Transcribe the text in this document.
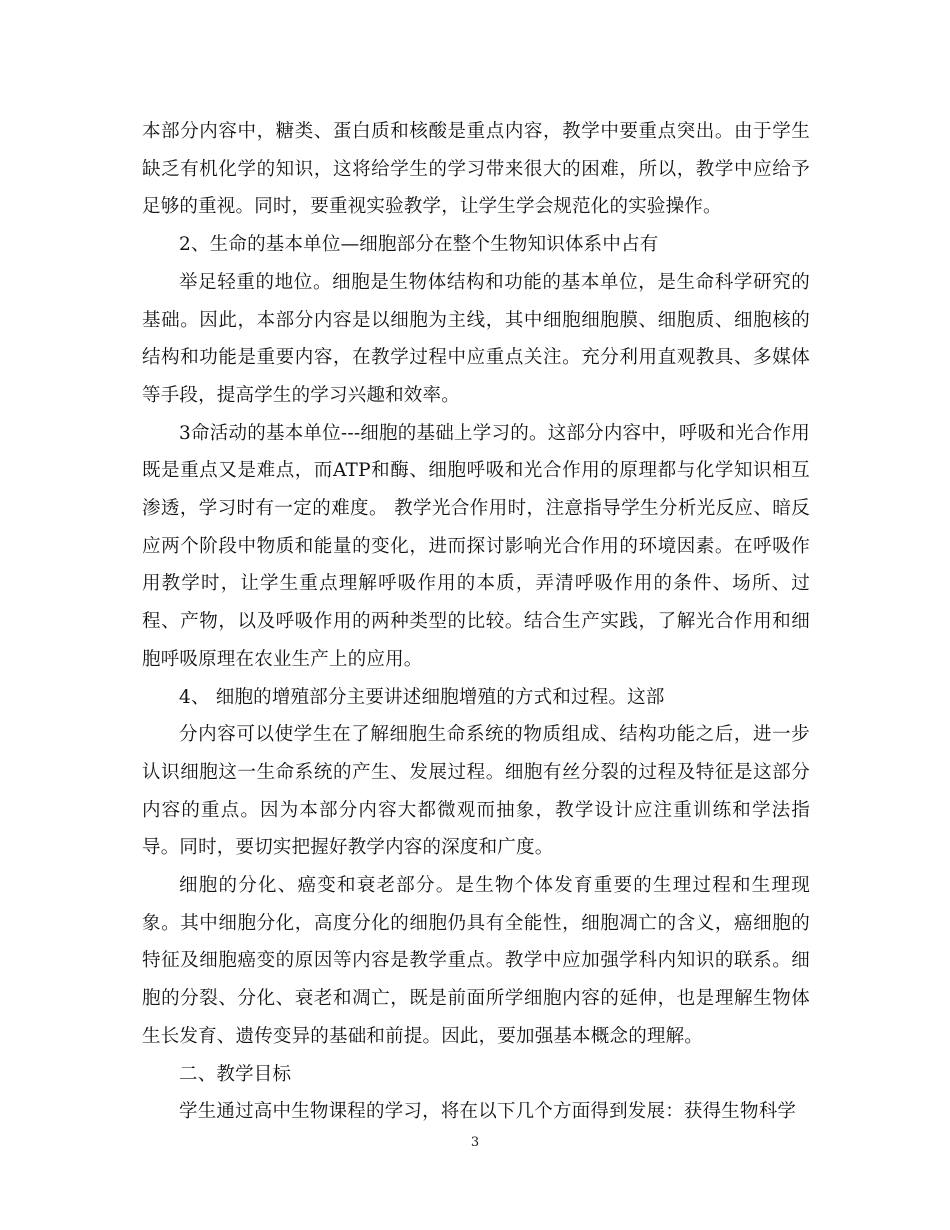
本部分内容中，糖类、蛋白质和核酸是重点内容，教学中要重点突出。由于学生缺乏有机化学的知识，这将给学生的学习带来很大的困难，所以，教学中应给予足够的重视。同时，要重视实验教学，让学生学会规范化的实验操作。

2、生命的基本单位—细胞部分在整个生物知识体系中占有

举足轻重的地位。细胞是生物体结构和功能的基本单位，是生命科学研究的基础。因此，本部分内容是以细胞为主线，其中细胞细胞膜、细胞质、细胞核的结构和功能是重要内容，在教学过程中应重点关注。充分利用直观教具、多媒体等手段，提高学生的学习兴趣和效率。

3命活动的基本单位---细胞的基础上学习的。这部分内容中，呼吸和光合作用既是重点又是难点，而ATP和酶、细胞呼吸和光合作用的原理都与化学知识相互渗透，学习时有一定的难度。 教学光合作用时，注意指导学生分析光反应、暗反应两个阶段中物质和能量的变化，进而探讨影响光合作用的环境因素。在呼吸作用教学时，让学生重点理解呼吸作用的本质，弄清呼吸作用的条件、场所、过程、产物，以及呼吸作用的两种类型的比较。结合生产实践，了解光合作用和细胞呼吸原理在农业生产上的应用。

4、 细胞的增殖部分主要讲述细胞增殖的方式和过程。这部

分内容可以使学生在了解细胞生命系统的物质组成、结构功能之后，进一步认识细胞这一生命系统的产生、发展过程。细胞有丝分裂的过程及特征是这部分内容的重点。因为本部分内容大都微观而抽象，教学设计应注重训练和学法指导。同时，要切实把握好教学内容的深度和广度。

细胞的分化、癌变和衰老部分。是生物个体发育重要的生理过程和生理现象。其中细胞分化，高度分化的细胞仍具有全能性，细胞凋亡的含义，癌细胞的特征及细胞癌变的原因等内容是教学重点。教学中应加强学科内知识的联系。细胞的分裂、分化、衰老和凋亡，既是前面所学细胞内容的延伸，也是理解生物体生长发育、遗传变异的基础和前提。因此，要加强基本概念的理解。

二、教学目标

学生通过高中生物课程的学习，将在以下几个方面得到发展：获得生物科学

3
